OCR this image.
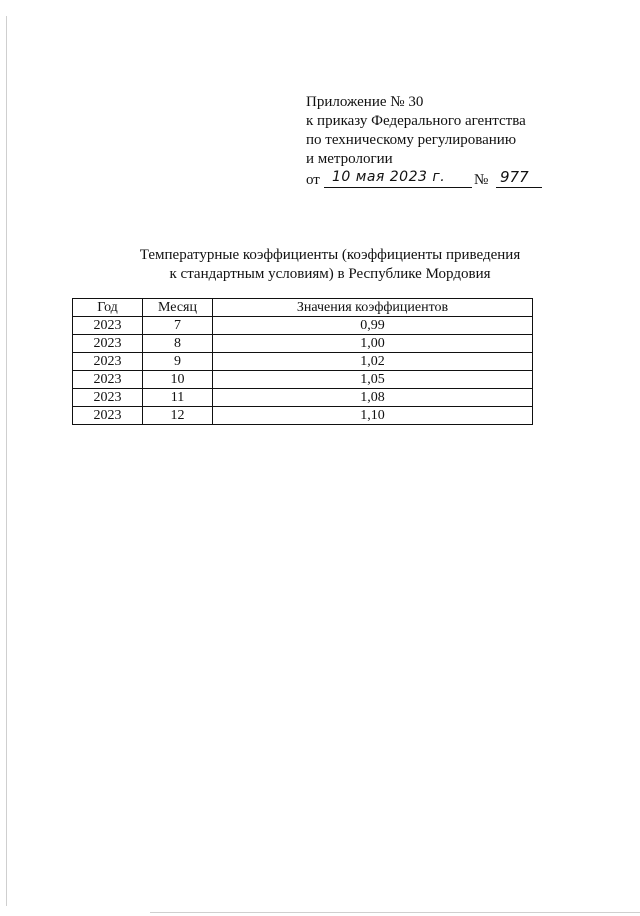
Приложение № 30
к приказу Федерального агентства
по техническому регулированию
и метрологии
от 10 мая 2023 г.	№ 977
Температурные коэффициенты (коэффициенты приведения
к стандартным условиям) в Республике Мордовия
Год	Месяц	Значения коэффициентов
2023	7	0,99
2023	8	1,00
2023	9	1,02
2023	10	1,05
2023	11	1,08
2023	12	1,10
